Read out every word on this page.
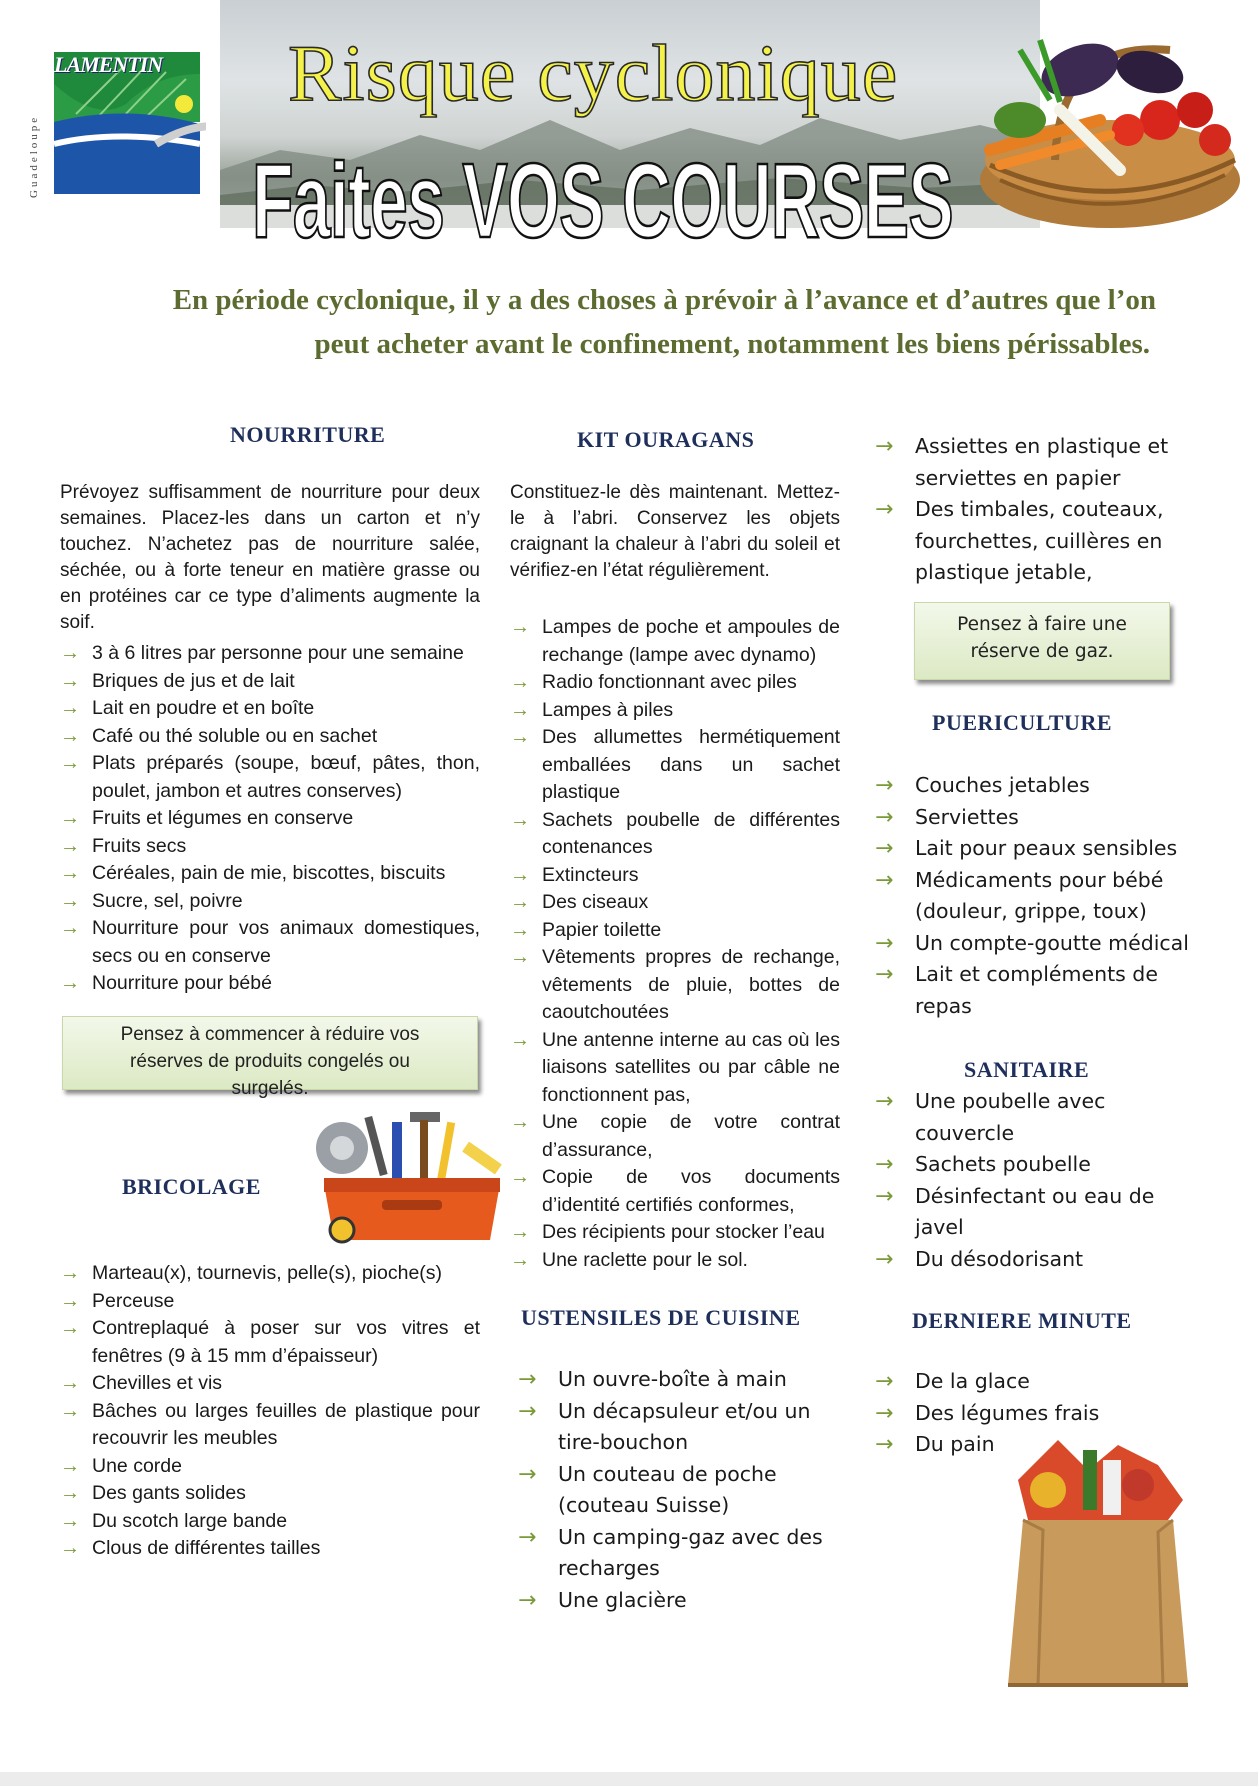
Guadeloupe
LAMENTIN Risque cyclonique
Faites VOS COURSES
En période cyclonique, il y a des choses à prévoir à l’avance et d’autres que l’on
peut acheter avant le confinement, notamment les biens périssables.
NOURRITURE
Prévoyez suffisamment de nourriture pour deux semaines. Placez-les dans un carton et n’y touchez. N’achetez pas de nourriture salée, séchée, ou à forte teneur en matière grasse ou en protéines car ce type d’aliments augmente la soif.
→ 3 à 6 litres par personne pour une semaine
→ Briques de jus et de lait
→ Lait en poudre et en boîte
→ Café ou thé soluble ou en sachet
→ Plats préparés (soupe, bœuf, pâtes, thon, poulet, jambon et autres conserves)
→ Fruits et légumes en conserve
→ Fruits secs
→ Céréales, pain de mie, biscottes, biscuits
→ Sucre, sel, poivre
→ Nourriture pour vos animaux domestiques, secs ou en conserve
→ Nourriture pour bébé
Pensez à commencer à réduire vos réserves de produits congelés ou surgelés.
BRICOLAGE
→ Marteau(x), tournevis, pelle(s), pioche(s)
→ Perceuse
→ Contreplaqué à poser sur vos vitres et fenêtres (9 à 15 mm d’épaisseur)
→ Chevilles et vis
→ Bâches ou larges feuilles de plastique pour recouvrir les meubles
→ Une corde
→ Des gants solides
→ Du scotch large bande
→ Clous de différentes tailles
KIT OURAGANS
Constituez-le dès maintenant. Mettez-le à l’abri. Conservez les objets craignant la chaleur à l’abri du soleil et vérifiez-en l’état régulièrement.
→ Lampes de poche et ampoules de rechange (lampe avec dynamo)
→ Radio fonctionnant avec piles
→ Lampes à piles
→ Des allumettes hermétiquement emballées dans un sachet plastique
→ Sachets poubelle de différentes contenances
→ Extincteurs
→ Des ciseaux
→ Papier toilette
→ Vêtements propres de rechange, vêtements de pluie, bottes de caoutchoutées
→ Une antenne interne au cas où les liaisons satellites ou par câble ne fonctionnent pas,
→ Une copie de votre contrat d’assurance,
→ Copie de vos documents d’identité certifiés conformes,
→ Des récipients pour stocker l’eau
→ Une raclette pour le sol.
USTENSILES DE CUISINE
→ Un ouvre-boîte à main
→ Un décapsuleur et/ou un tire-bouchon
→ Un couteau de poche (couteau Suisse)
→ Un camping-gaz avec des recharges
→ Une glacière
→ Assiettes en plastique et serviettes en papier
→ Des timbales, couteaux, fourchettes, cuillères en plastique jetable,
Pensez à faire une réserve de gaz.
PUERICULTURE
→ Couches jetables
→ Serviettes
→ Lait pour peaux sensibles
→ Médicaments pour bébé (douleur, grippe, toux)
→ Un compte-goutte médical
→ Lait et compléments de repas
SANITAIRE
→ Une poubelle avec couvercle
→ Sachets poubelle
→ Désinfectant ou eau de javel
→ Du désodorisant
DERNIERE MINUTE
→ De la glace
→ Des légumes frais
→ Du pain
